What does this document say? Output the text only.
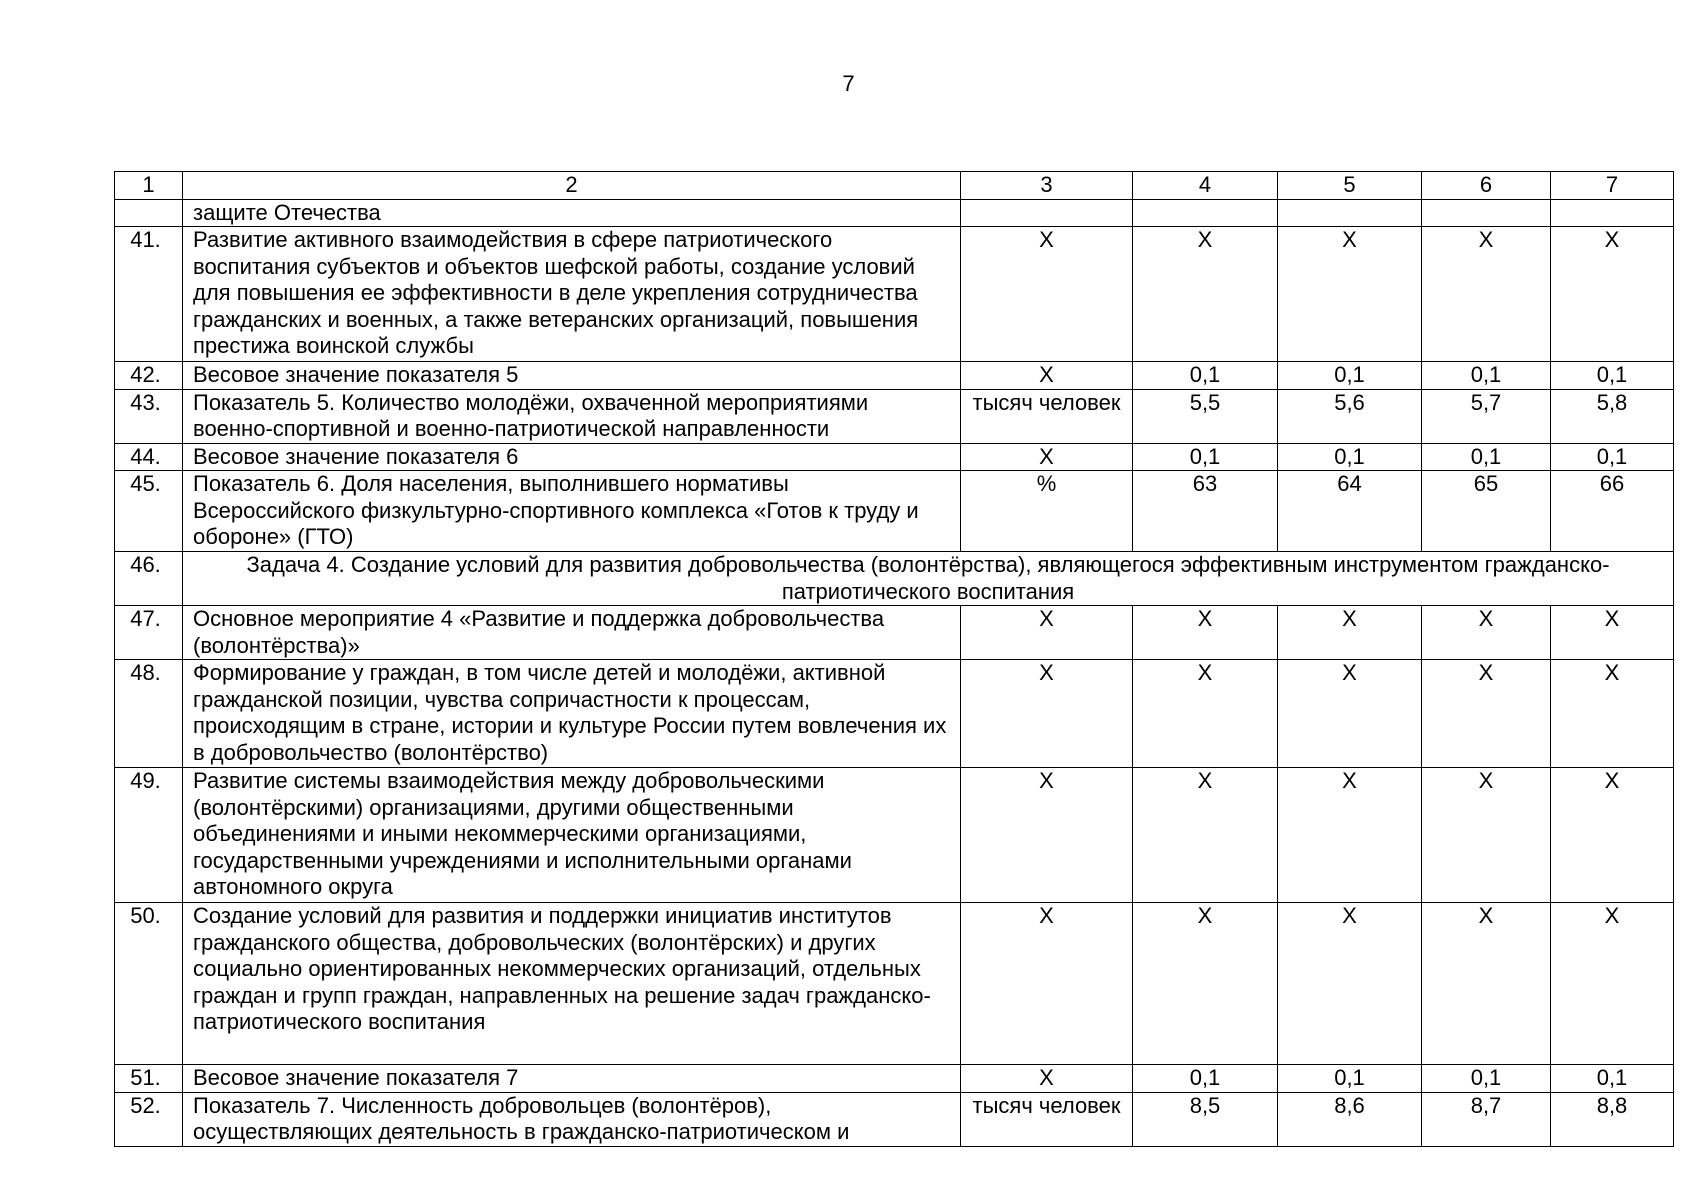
7
1	2	3	4	5	6	7
	защите Отечества					
41.	Развитие активного взаимодействия в сфере патриотического воспитания субъектов и объектов шефской работы, создание условий для повышения ее эффективности в деле укрепления сотрудничества гражданских и военных, а также ветеранских организаций, повышения престижа воинской службы	Х	Х	Х	Х	Х
42.	Весовое значение показателя 5	Х	0,1	0,1	0,1	0,1
43.	Показатель 5. Количество молодёжи, охваченной мероприятиями военно-спортивной и военно-патриотической направленности	тысяч человек	5,5	5,6	5,7	5,8
44.	Весовое значение показателя 6	Х	0,1	0,1	0,1	0,1
45.	Показатель 6. Доля населения, выполнившего нормативы Всероссийского физкультурно-спортивного комплекса «Готов к труду и обороне» (ГТО)	%	63	64	65	66
46.	Задача 4. Создание условий для развития добровольчества (волонтёрства), являющегося эффективным инструментом гражданско-патриотического воспитания					
47.	Основное мероприятие 4 «Развитие и поддержка добровольчества (волонтёрства)»	Х	Х	Х	Х	Х
48.	Формирование у граждан, в том числе детей и молодёжи, активной гражданской позиции, чувства сопричастности к процессам, происходящим в стране, истории и культуре России путем вовлечения их в добровольчество (волонтёрство)	Х	Х	Х	Х	Х
49.	Развитие системы взаимодействия между добровольческими (волонтёрскими) организациями, другими общественными объединениями и иными некоммерческими организациями, государственными учреждениями и исполнительными органами автономного округа	Х	Х	Х	Х	Х
50.	Создание условий для развития и поддержки инициатив институтов гражданского общества, добровольческих (волонтёрских) и других социально ориентированных некоммерческих организаций, отдельных граждан и групп граждан, направленных на решение задач гражданско-патриотического воспитания	Х	Х	Х	Х	Х
51.	Весовое значение показателя 7	Х	0,1	0,1	0,1	0,1
52.	Показатель 7. Численность добровольцев (волонтёров), осуществляющих деятельность в гражданско-патриотическом и	тысяч человек	8,5	8,6	8,7	8,8
